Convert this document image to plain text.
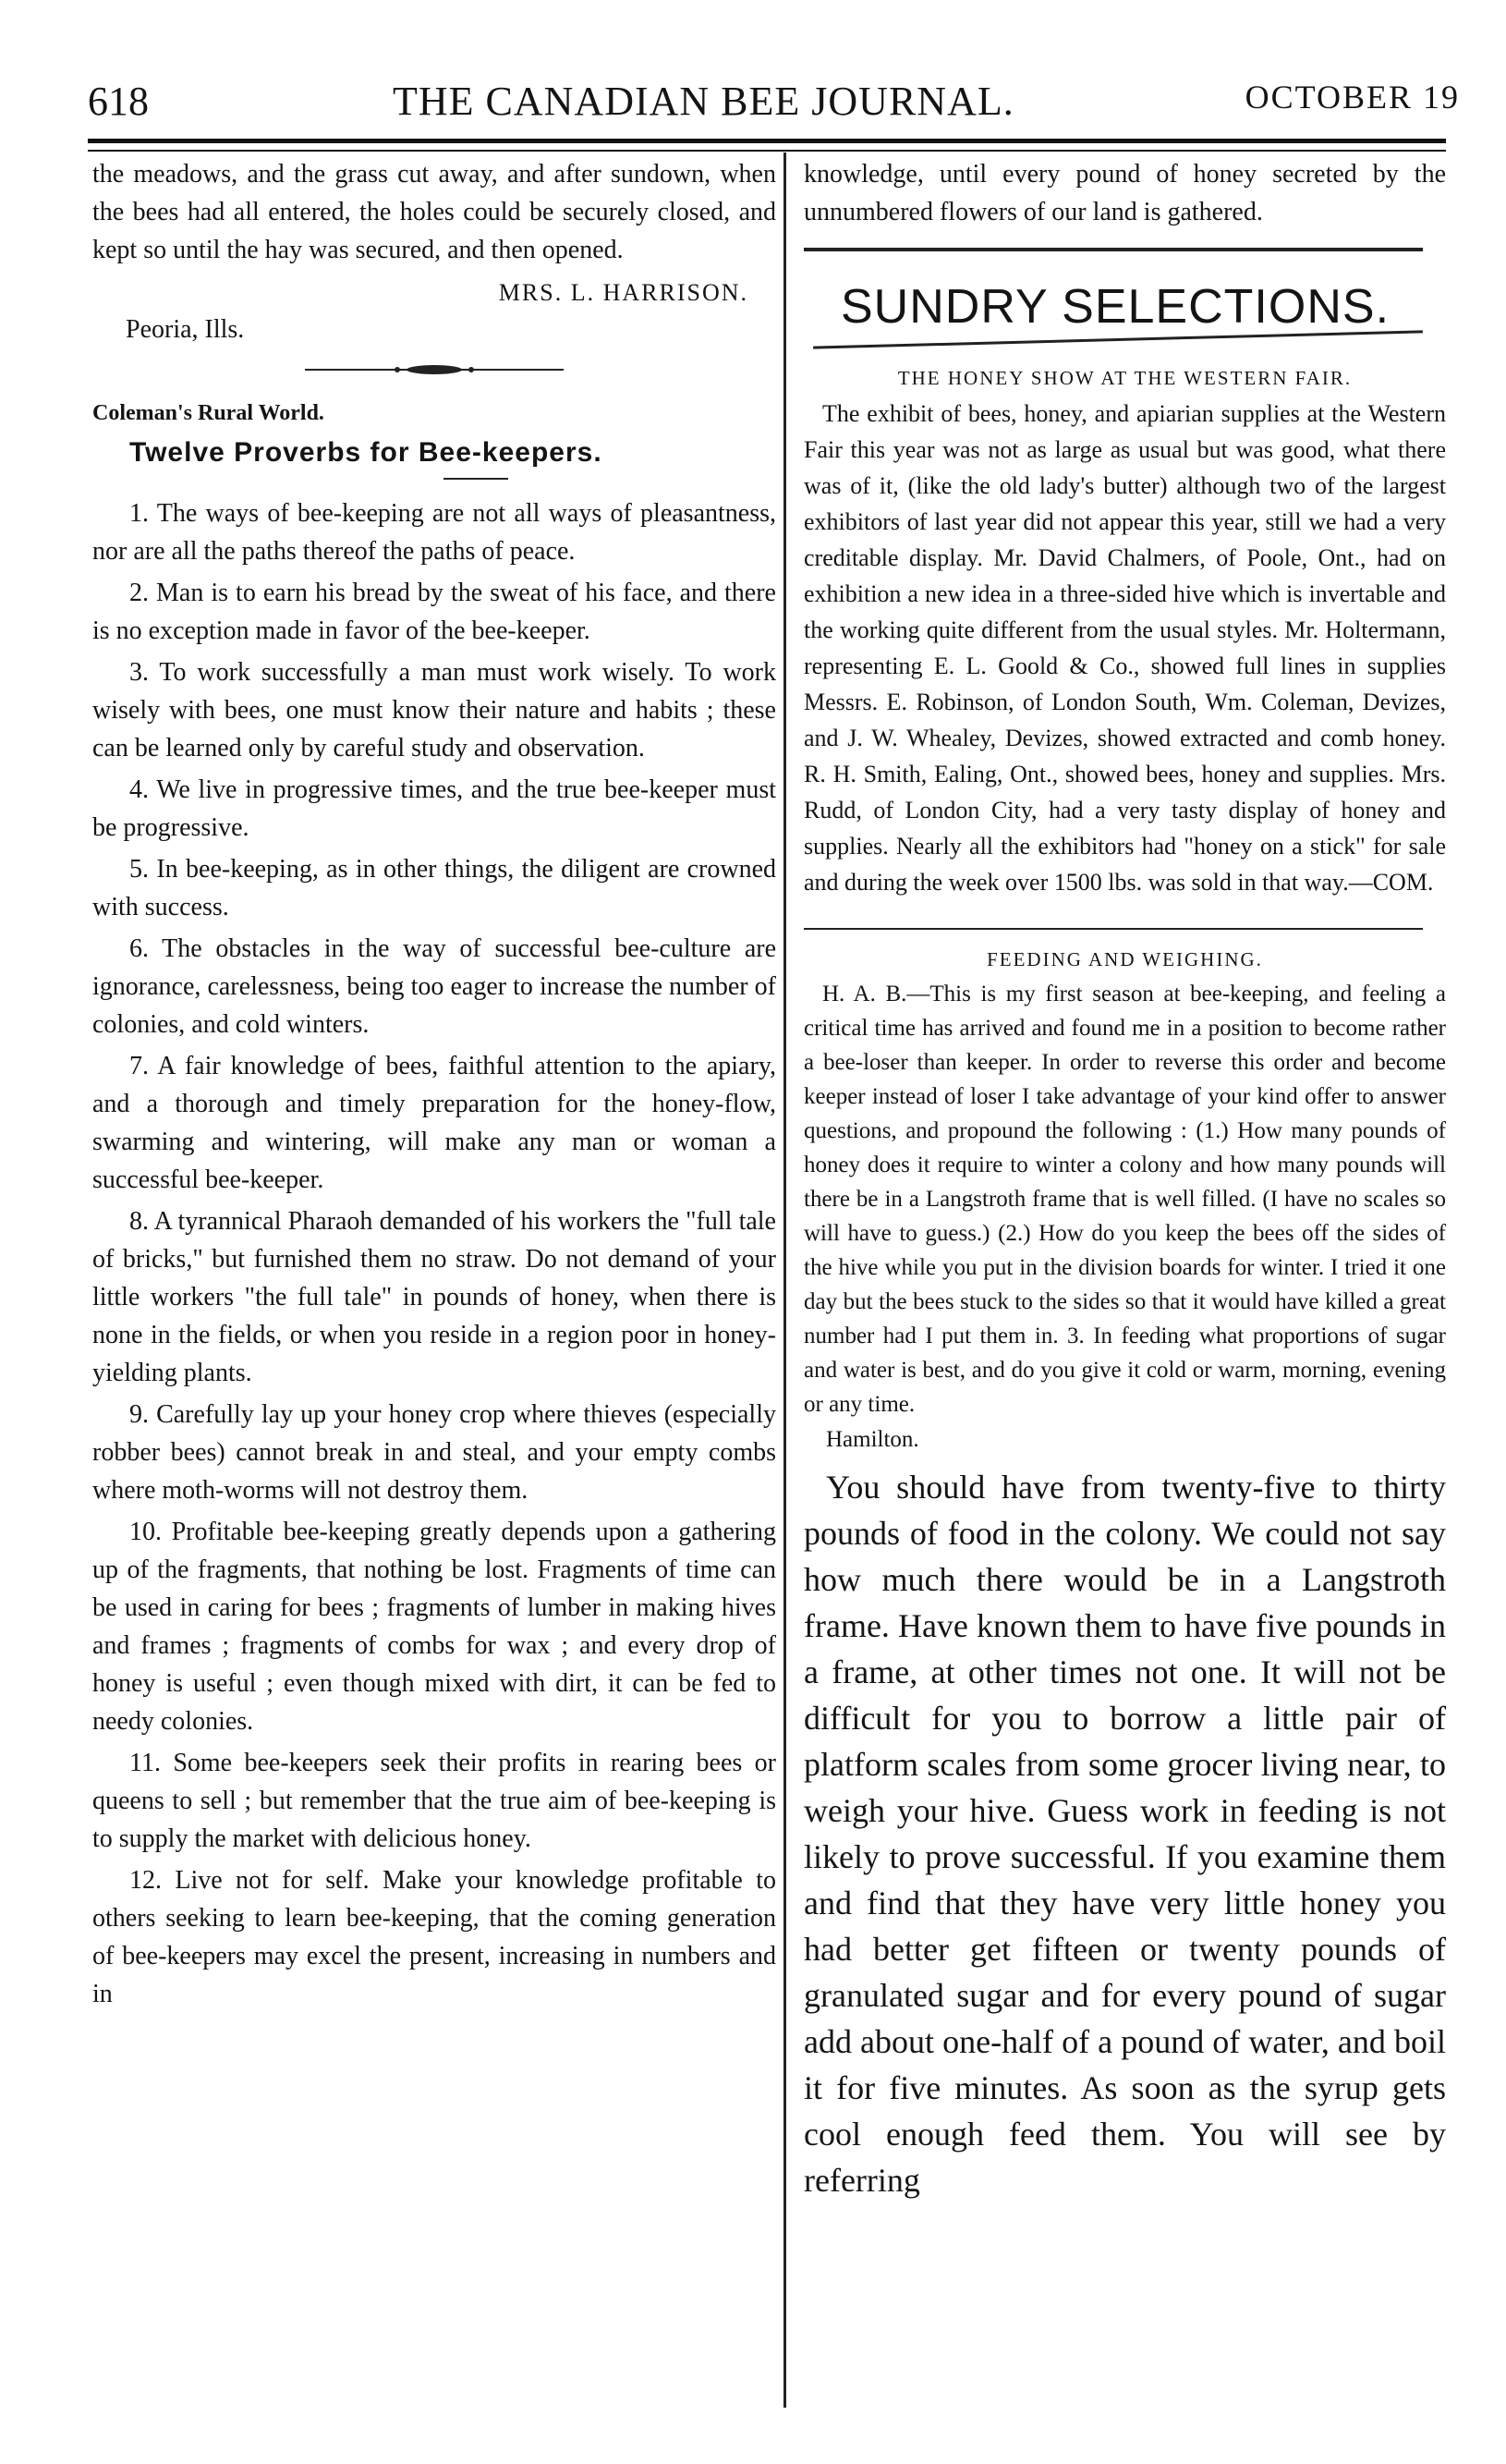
618	THE CANADIAN BEE JOURNAL.	OCTOBER 19

the meadows, and the grass cut away, and after sundown, when the bees had all entered, the holes could be securely closed, and kept so until the hay was secured, and then opened.

MRS. L. HARRISON.

Peoria, Ills.

Coleman's Rural World.

Twelve Proverbs for Bee-keepers.

1. The ways of bee-keeping are not all ways of pleasantness, nor are all the paths thereof the paths of peace.

2. Man is to earn his bread by the sweat of his face, and there is no exception made in favor of the bee-keeper.

3. To work successfully a man must work wisely. To work wisely with bees, one must know their nature and habits ; these can be learned only by careful study and observation.

4. We live in progressive times, and the true bee-keeper must be progressive.

5. In bee-keeping, as in other things, the diligent are crowned with success.

6. The obstacles in the way of successful bee-culture are ignorance, carelessness, being too eager to increase the number of colonies, and cold winters.

7. A fair knowledge of bees, faithful attention to the apiary, and a thorough and timely preparation for the honey-flow, swarming and wintering, will make any man or woman a successful bee-keeper.

8. A tyrannical Pharaoh demanded of his workers the "full tale of bricks," but furnished them no straw. Do not demand of your little workers "the full tale" in pounds of honey, when there is none in the fields, or when you reside in a region poor in honey-yielding plants.

9. Carefully lay up your honey crop where thieves (especially robber bees) cannot break in and steal, and your empty combs where moth-worms will not destroy them.

10. Profitable bee-keeping greatly depends upon a gathering up of the fragments, that nothing be lost. Fragments of time can be used in caring for bees ; fragments of lumber in making hives and frames ; fragments of combs for wax ; and every drop of honey is useful ; even though mixed with dirt, it can be fed to needy colonies.

11. Some bee-keepers seek their profits in rearing bees or queens to sell ; but remember that the true aim of bee-keeping is to supply the market with delicious honey.

12. Live not for self. Make your knowledge profitable to others seeking to learn bee-keeping, that the coming generation of bee-keepers may excel the present, increasing in numbers and in

knowledge, until every pound of honey secreted by the unnumbered flowers of our land is gathered.

SUNDRY SELECTIONS.

THE HONEY SHOW AT THE WESTERN FAIR.

The exhibit of bees, honey, and apiarian supplies at the Western Fair this year was not as large as usual but was good, what there was of it, (like the old lady's butter) although two of the largest exhibitors of last year did not appear this year, still we had a very creditable display. Mr. David Chalmers, of Poole, Ont., had on exhibition a new idea in a three-sided hive which is invertable and the working quite different from the usual styles. Mr. Holtermann, representing E. L. Goold & Co., showed full lines in supplies Messrs. E. Robinson, of London South, Wm. Coleman, Devizes, and J. W. Whealey, Devizes, showed extracted and comb honey. R. H. Smith, Ealing, Ont., showed bees, honey and supplies. Mrs. Rudd, of London City, had a very tasty display of honey and supplies. Nearly all the exhibitors had "honey on a stick" for sale and during the week over 1500 lbs. was sold in that way.—COM.

FEEDING AND WEIGHING.

H. A. B.—This is my first season at bee-keeping, and feeling a critical time has arrived and found me in a position to become rather a bee-loser than keeper. In order to reverse this order and become keeper instead of loser I take advantage of your kind offer to answer questions, and propound the following : (1.) How many pounds of honey does it require to winter a colony and how many pounds will there be in a Langstroth frame that is well filled. (I have no scales so will have to guess.) (2.) How do you keep the bees off the sides of the hive while you put in the division boards for winter. I tried it one day but the bees stuck to the sides so that it would have killed a great number had I put them in. 3. In feeding what proportions of sugar and water is best, and do you give it cold or warm, morning, evening or any time.

Hamilton.

You should have from twenty-five to thirty pounds of food in the colony. We could not say how much there would be in a Langstroth frame. Have known them to have five pounds in a frame, at other times not one. It will not be difficult for you to borrow a little pair of platform scales from some grocer living near, to weigh your hive. Guess work in feeding is not likely to prove successful. If you examine them and find that they have very little honey you had better get fifteen or twenty pounds of granulated sugar and for every pound of sugar add about one-half of a pound of water, and boil it for five minutes. As soon as the syrup gets cool enough feed them. You will see by referring
